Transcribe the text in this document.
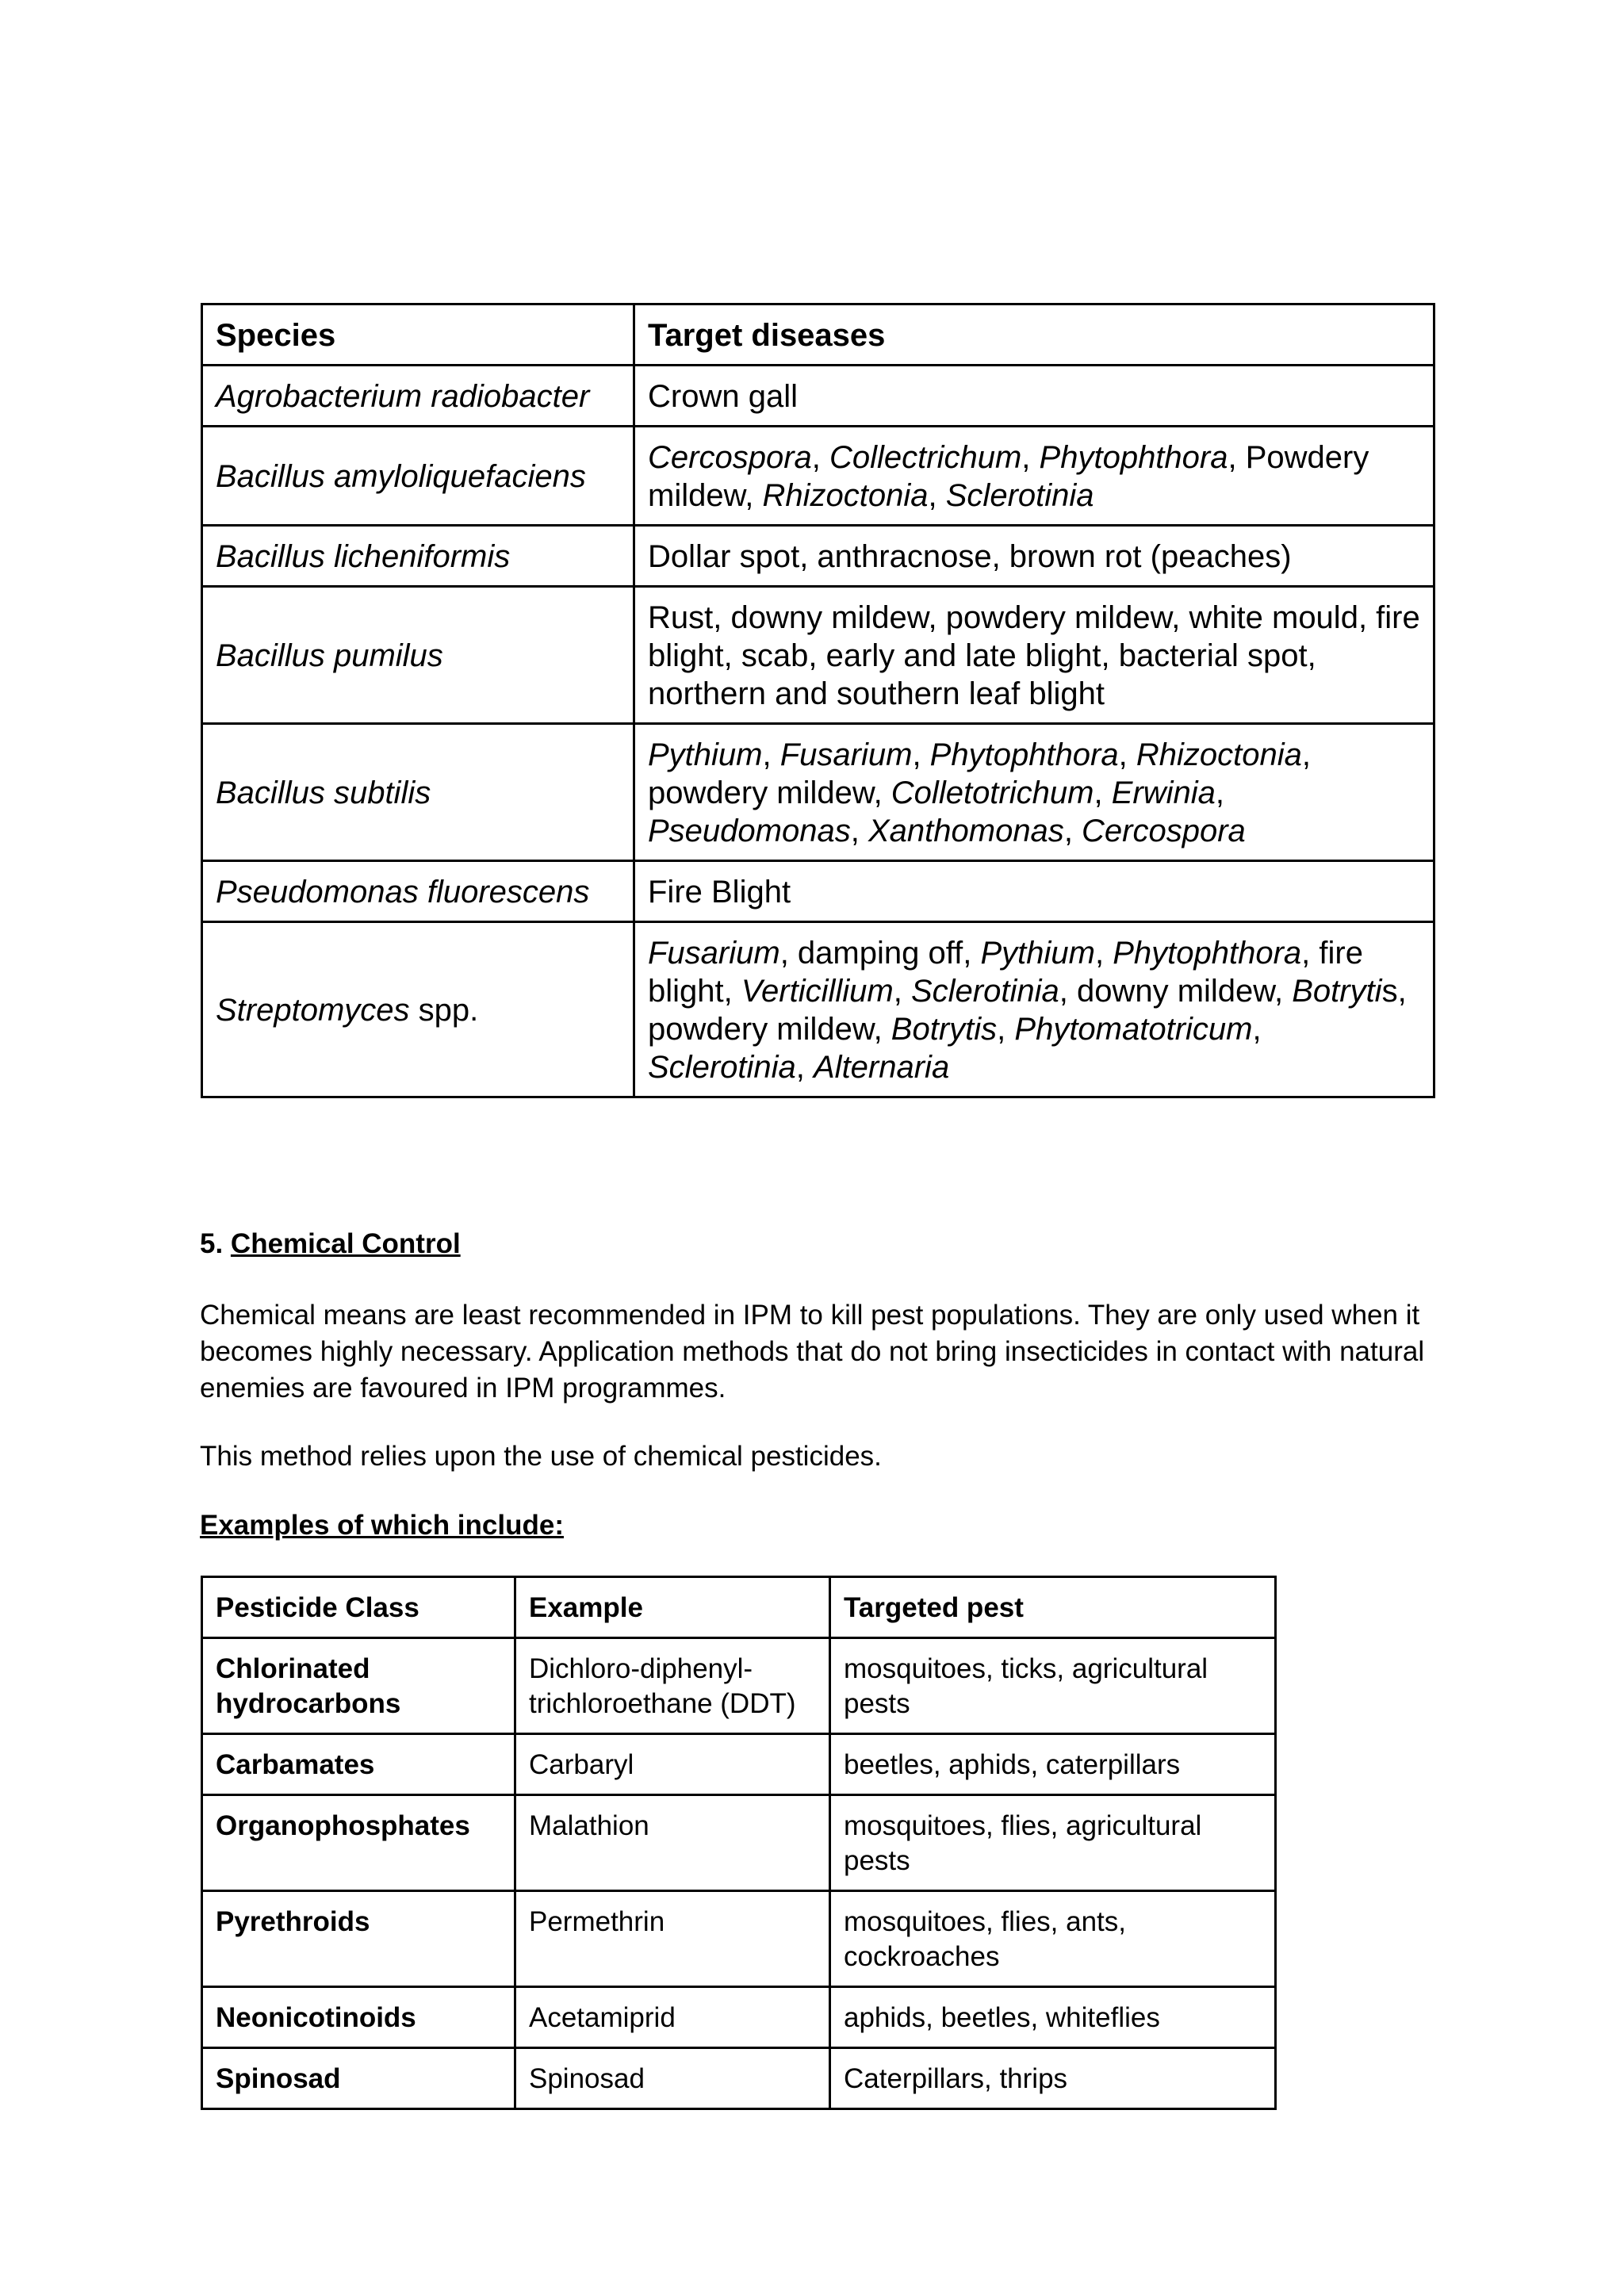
Species	Target diseases
Agrobacterium radiobacter	Crown gall
Bacillus amyloliquefaciens	Cercospora, Collectrichum, Phytophthora, Powdery mildew, Rhizoctonia, Sclerotinia
Bacillus licheniformis	Dollar spot, anthracnose, brown rot (peaches)
Bacillus pumilus	Rust, downy mildew, powdery mildew, white mould, fire blight, scab, early and late blight, bacterial spot, northern and southern leaf blight
Bacillus subtilis	Pythium, Fusarium, Phytophthora, Rhizoctonia, powdery mildew, Colletotrichum, Erwinia, Pseudomonas, Xanthomonas, Cercospora
Pseudomonas fluorescens	Fire Blight
Streptomyces spp.	Fusarium, damping off, Pythium, Phytophthora, fire blight, Verticillium, Sclerotinia, downy mildew, Botrytis, powdery mildew, Botrytis, Phytomatotricum, Sclerotinia, Alternaria
5. Chemical Control
Chemical means are least recommended in IPM to kill pest populations. They are only used when it becomes highly necessary. Application methods that do not bring insecticides in contact with natural enemies are favoured in IPM programmes.
This method relies upon the use of chemical pesticides.
Examples of which include:
Pesticide Class	Example	Targeted pest
Chlorinated hydrocarbons	Dichloro-diphenyl-trichloroethane (DDT)	mosquitoes, ticks, agricultural pests
Carbamates	Carbaryl	beetles, aphids, caterpillars
Organophosphates	Malathion	mosquitoes, flies, agricultural pests
Pyrethroids	Permethrin	mosquitoes, flies, ants, cockroaches
Neonicotinoids	Acetamiprid	aphids, beetles, whiteflies
Spinosad	Spinosad	Caterpillars, thrips
